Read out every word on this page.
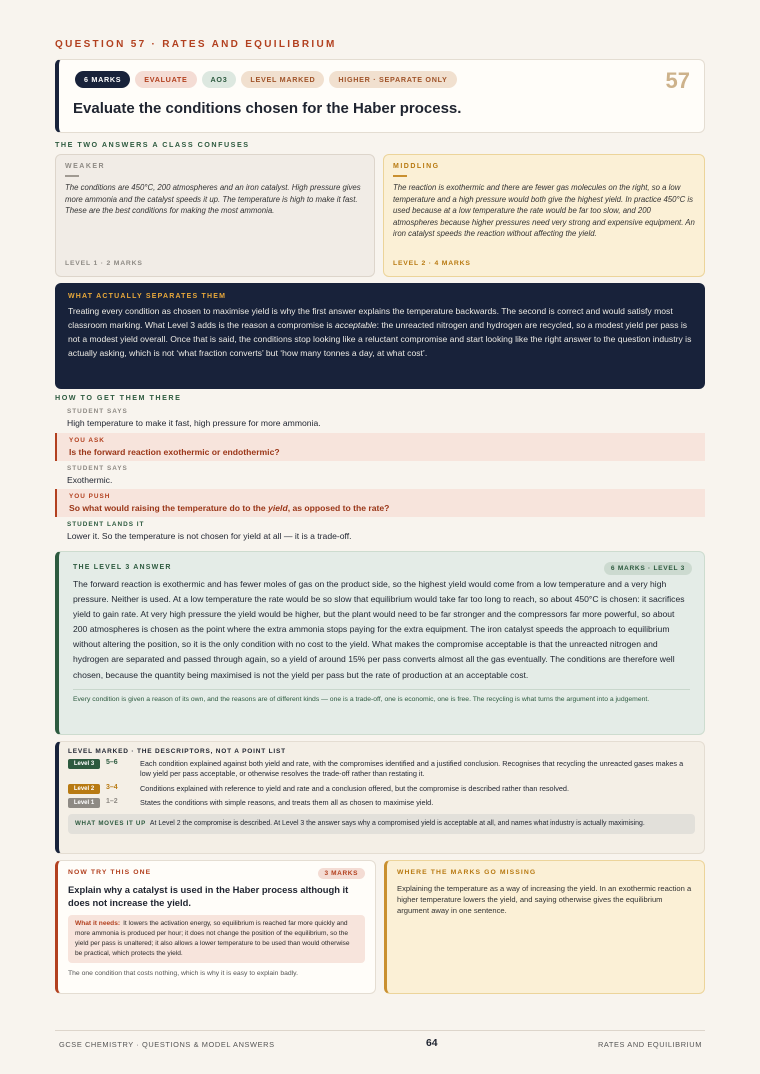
QUESTION 57 · RATES AND EQUILIBRIUM
6 MARKS	EVALUATE	AO3	LEVEL MARKED	HIGHER · SEPARATE ONLY	57
Evaluate the conditions chosen for the Haber process.
THE TWO ANSWERS A CLASS CONFUSES
WEAKER
The conditions are 450°C, 200 atmospheres and an iron catalyst. High pressure gives more ammonia and the catalyst speeds it up. The temperature is high to make it fast. These are the best conditions for making the most ammonia.
LEVEL 1 · 2 MARKS
MIDDLING
The reaction is exothermic and there are fewer gas molecules on the right, so a low temperature and a high pressure would both give the highest yield. In practice 450°C is used because at a low temperature the rate would be far too slow, and 200 atmospheres because higher pressures need very strong and expensive equipment. An iron catalyst speeds the reaction without affecting the yield.
LEVEL 2 · 4 MARKS
WHAT ACTUALLY SEPARATES THEM
Treating every condition as chosen to maximise yield is why the first answer explains the temperature backwards. The second is correct and would satisfy most classroom marking. What Level 3 adds is the reason a compromise is acceptable: the unreacted nitrogen and hydrogen are recycled, so a modest yield per pass is not a modest yield overall. Once that is said, the conditions stop looking like a reluctant compromise and start looking like the right answer to the question industry is actually asking, which is not ‘what fraction converts’ but ‘how many tonnes a day, at what cost’.
HOW TO GET THEM THERE
STUDENT SAYS
High temperature to make it fast, high pressure for more ammonia.
YOU ASK
Is the forward reaction exothermic or endothermic?
STUDENT SAYS
Exothermic.
YOU PUSH
So what would raising the temperature do to the yield, as opposed to the rate?
STUDENT LANDS IT
Lower it. So the temperature is not chosen for yield at all — it is a trade-off.
THE LEVEL 3 ANSWER	6 MARKS · LEVEL 3
The forward reaction is exothermic and has fewer moles of gas on the product side, so the highest yield would come from a low temperature and a very high pressure. Neither is used. At a low temperature the rate would be so slow that equilibrium would take far too long to reach, so about 450°C is chosen: it sacrifices yield to gain rate. At very high pressure the yield would be higher, but the plant would need to be far stronger and the compressors far more powerful, so about 200 atmospheres is chosen as the point where the extra ammonia stops paying for the extra equipment. The iron catalyst speeds the approach to equilibrium without altering the position, so it is the only condition with no cost to the yield. What makes the compromise acceptable is that the unreacted nitrogen and hydrogen are separated and passed through again, so a yield of around 15% per pass converts almost all the gas eventually. The conditions are therefore well chosen, because the quantity being maximised is not the yield per pass but the rate of production at an acceptable cost.
Every condition is given a reason of its own, and the reasons are of different kinds — one is a trade-off, one is economic, one is free. The recycling is what turns the argument into a judgement.
LEVEL MARKED · THE DESCRIPTORS, NOT A POINT LIST
Level 3	5–6	Each condition explained against both yield and rate, with the compromises identified and a justified conclusion. Recognises that recycling the unreacted gases makes a low yield per pass acceptable, or otherwise resolves the trade-off rather than restating it.
Level 2	3–4	Conditions explained with reference to yield and rate and a conclusion offered, but the compromise is described rather than resolved.
Level 1	1–2	States the conditions with simple reasons, and treats them all as chosen to maximise yield.
WHAT MOVES IT UP At Level 2 the compromise is described. At Level 3 the answer says why a compromised yield is acceptable at all, and names what industry is actually maximising.
NOW TRY THIS ONE	3 MARKS
Explain why a catalyst is used in the Haber process although it does not increase the yield.
What it needs: It lowers the activation energy, so equilibrium is reached far more quickly and more ammonia is produced per hour; it does not change the position of the equilibrium, so the yield per pass is unaltered; it also allows a lower temperature to be used than would otherwise be practical, which protects the yield.
The one condition that costs nothing, which is why it is easy to explain badly.
WHERE THE MARKS GO MISSING
Explaining the temperature as a way of increasing the yield. In an exothermic reaction a higher temperature lowers the yield, and saying otherwise gives the equilibrium argument away in one sentence.
GCSE CHEMISTRY · QUESTIONS & MODEL ANSWERS	64	RATES AND EQUILIBRIUM
